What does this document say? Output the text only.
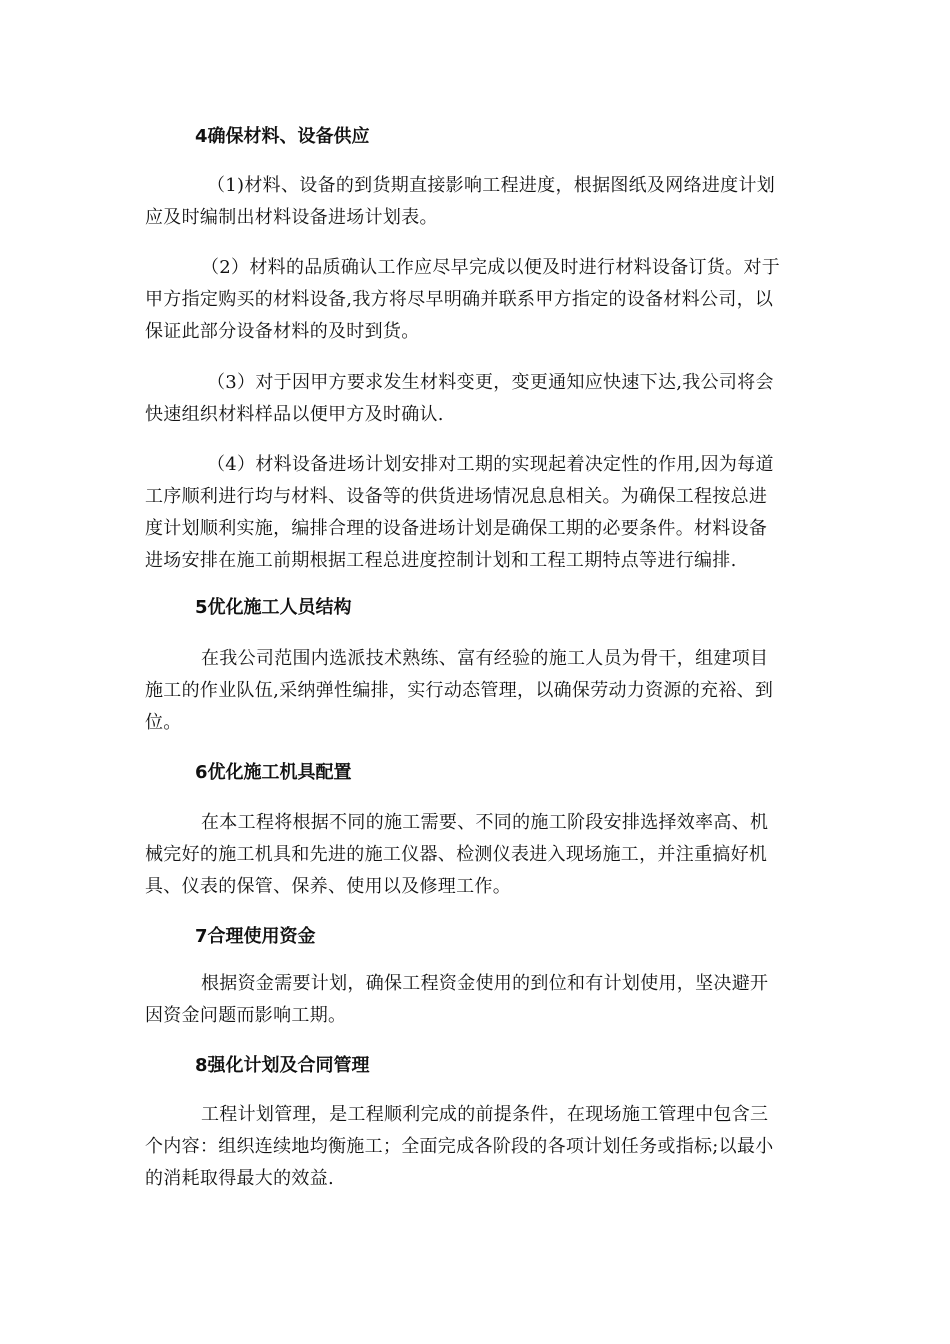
4确保材料、设备供应

（1)材料、设备的到货期直接影响工程进度，根据图纸及网络进度计划
应及时编制出材料设备进场计划表。

（2）材料的品质确认工作应尽早完成以便及时进行材料设备订货。对于
甲方指定购买的材料设备,我方将尽早明确并联系甲方指定的设备材料公司，以
保证此部分设备材料的及时到货。

（3）对于因甲方要求发生材料变更，变更通知应快速下达,我公司将会
快速组织材料样品以便甲方及时确认.

（4）材料设备进场计划安排对工期的实现起着决定性的作用,因为每道
工序顺利进行均与材料、设备等的供货进场情况息息相关。为确保工程按总进
度计划顺利实施，编排合理的设备进场计划是确保工期的必要条件。材料设备
进场安排在施工前期根据工程总进度控制计划和工程工期特点等进行编排.

5优化施工人员结构

在我公司范围内选派技术熟练、富有经验的施工人员为骨干，组建项目
施工的作业队伍,采纳弹性编排，实行动态管理，以确保劳动力资源的充裕、到
位。

6优化施工机具配置

在本工程将根据不同的施工需要、不同的施工阶段安排选择效率高、机
械完好的施工机具和先进的施工仪器、检测仪表进入现场施工，并注重搞好机
具、仪表的保管、保养、使用以及修理工作。

7合理使用资金

根据资金需要计划，确保工程资金使用的到位和有计划使用，坚决避开
因资金问题而影响工期。

8强化计划及合同管理

工程计划管理，是工程顺利完成的前提条件，在现场施工管理中包含三
个内容：组织连续地均衡施工；全面完成各阶段的各项计划任务或指标;以最小
的消耗取得最大的效益.
